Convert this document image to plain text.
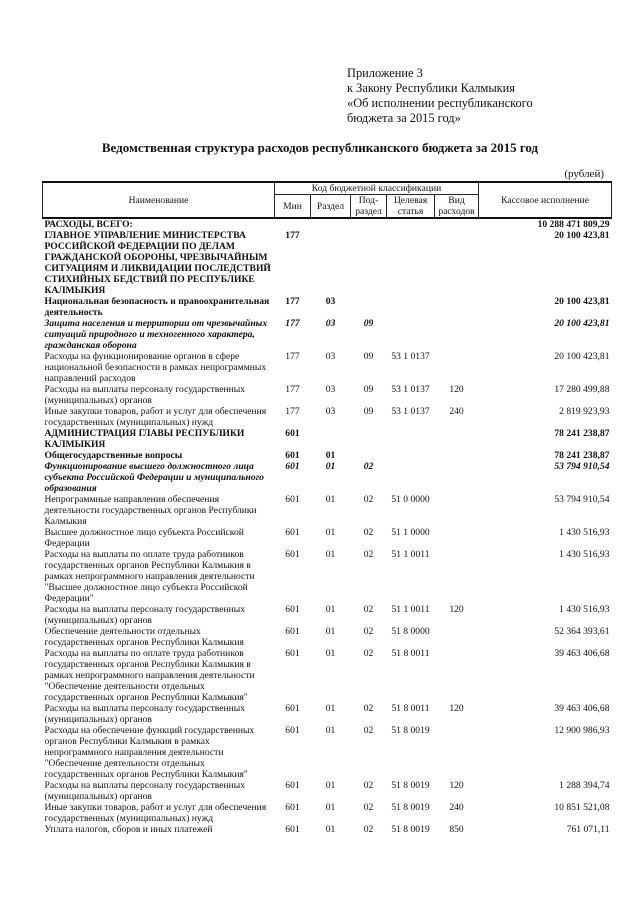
Приложение 3
к Закону Республики Калмыкия
«Об исполнении республиканского
бюджета за 2015 год»
Ведомственная структура расходов республиканского бюджета за 2015 год
(рублей)
Наименование	Код бюджетной классификации					Кассовое исполнение
	Мин	Раздел	Под-раздел	Целевая статья	Вид расходов	
РАСХОДЫ, ВСЕГО:						10 288 471 809,29
ГЛАВНОЕ УПРАВЛЕНИЕ МИНИСТЕРСТВА РОССИЙСКОЙ ФЕДЕРАЦИИ ПО ДЕЛАМ ГРАЖДАНСКОЙ ОБОРОНЫ, ЧРЕЗВЫЧАЙНЫМ СИТУАЦИЯМ И ЛИКВИДАЦИИ ПОСЛЕДСТВИЙ СТИХИЙНЫХ БЕДСТВИЙ ПО РЕСПУБЛИКЕ КАЛМЫКИЯ	177					20 100 423,81
Национальная безопасность и правоохранительная деятельность	177	03				20 100 423,81
Защита населения и территории от чрезвычайных ситуаций природного и техногенного характера, гражданская оборона	177	03	09			20 100 423,81
Расходы на функционирование органов в сфере национальной безопасности в рамках непрограммных направлений расходов	177	03	09	53 1 0137		20 100 423,81
Расходы на выплаты персоналу государственных (муниципальных) органов	177	03	09	53 1 0137	120	17 280 499,88
Иные закупки товаров, работ и услуг для обеспечения государственных (муниципальных) нужд	177	03	09	53 1 0137	240	2 819 923,93
АДМИНИСТРАЦИЯ ГЛАВЫ РЕСПУБЛИКИ КАЛМЫКИЯ	601					78 241 238,87
Общегосударственные вопросы	601	01				78 241 238,87
Функционирование высшего должностного лица субъекта Российской Федерации и муниципального образования	601	01	02			53 794 910,54
Непрограммные направления обеспечения деятельности государственных органов Республики Калмыкия	601	01	02	51 0 0000		53 794 910,54
Высшее должностное лицо субъекта Российской Федерации	601	01	02	51 1 0000		1 430 516,93
Расходы на выплаты по оплате труда работников государственных органов Республики Калмыкия в рамках непрограммного направления деятельности "Высшее должностное лицо субъекта Российской Федерации"	601	01	02	51 1 0011		1 430 516,93
Расходы на выплаты персоналу государственных (муниципальных) органов	601	01	02	51 1 0011	120	1 430 516,93
Обеспечение деятельности отдельных государственных органов Республики Калмыкия	601	01	02	51 8 0000		52 364 393,61
Расходы на выплаты по оплате труда работников государственных органов Республики Калмыкия в рамках непрограммного направления деятельности "Обеспечение деятельности отдельных государственных органов Республики Калмыкия"	601	01	02	51 8 0011		39 463 406,68
Расходы на выплаты персоналу государственных (муниципальных) органов	601	01	02	51 8 0011	120	39 463 406,68
Расходы на обеспечение функций государственных органов Республики Калмыкия в рамках непрограммного направления деятельности "Обеспечение деятельности отдельных государственных органов Республики Калмыкия"	601	01	02	51 8 0019		12 900 986,93
Расходы на выплаты персоналу государственных (муниципальных) органов	601	01	02	51 8 0019	120	1 288 394,74
Иные закупки товаров, работ и услуг для обеспечения государственных (муниципальных) нужд	601	01	02	51 8 0019	240	10 851 521,08
Уплата налогов, сборов и иных платежей	601	01	02	51 8 0019	850	761 071,11
